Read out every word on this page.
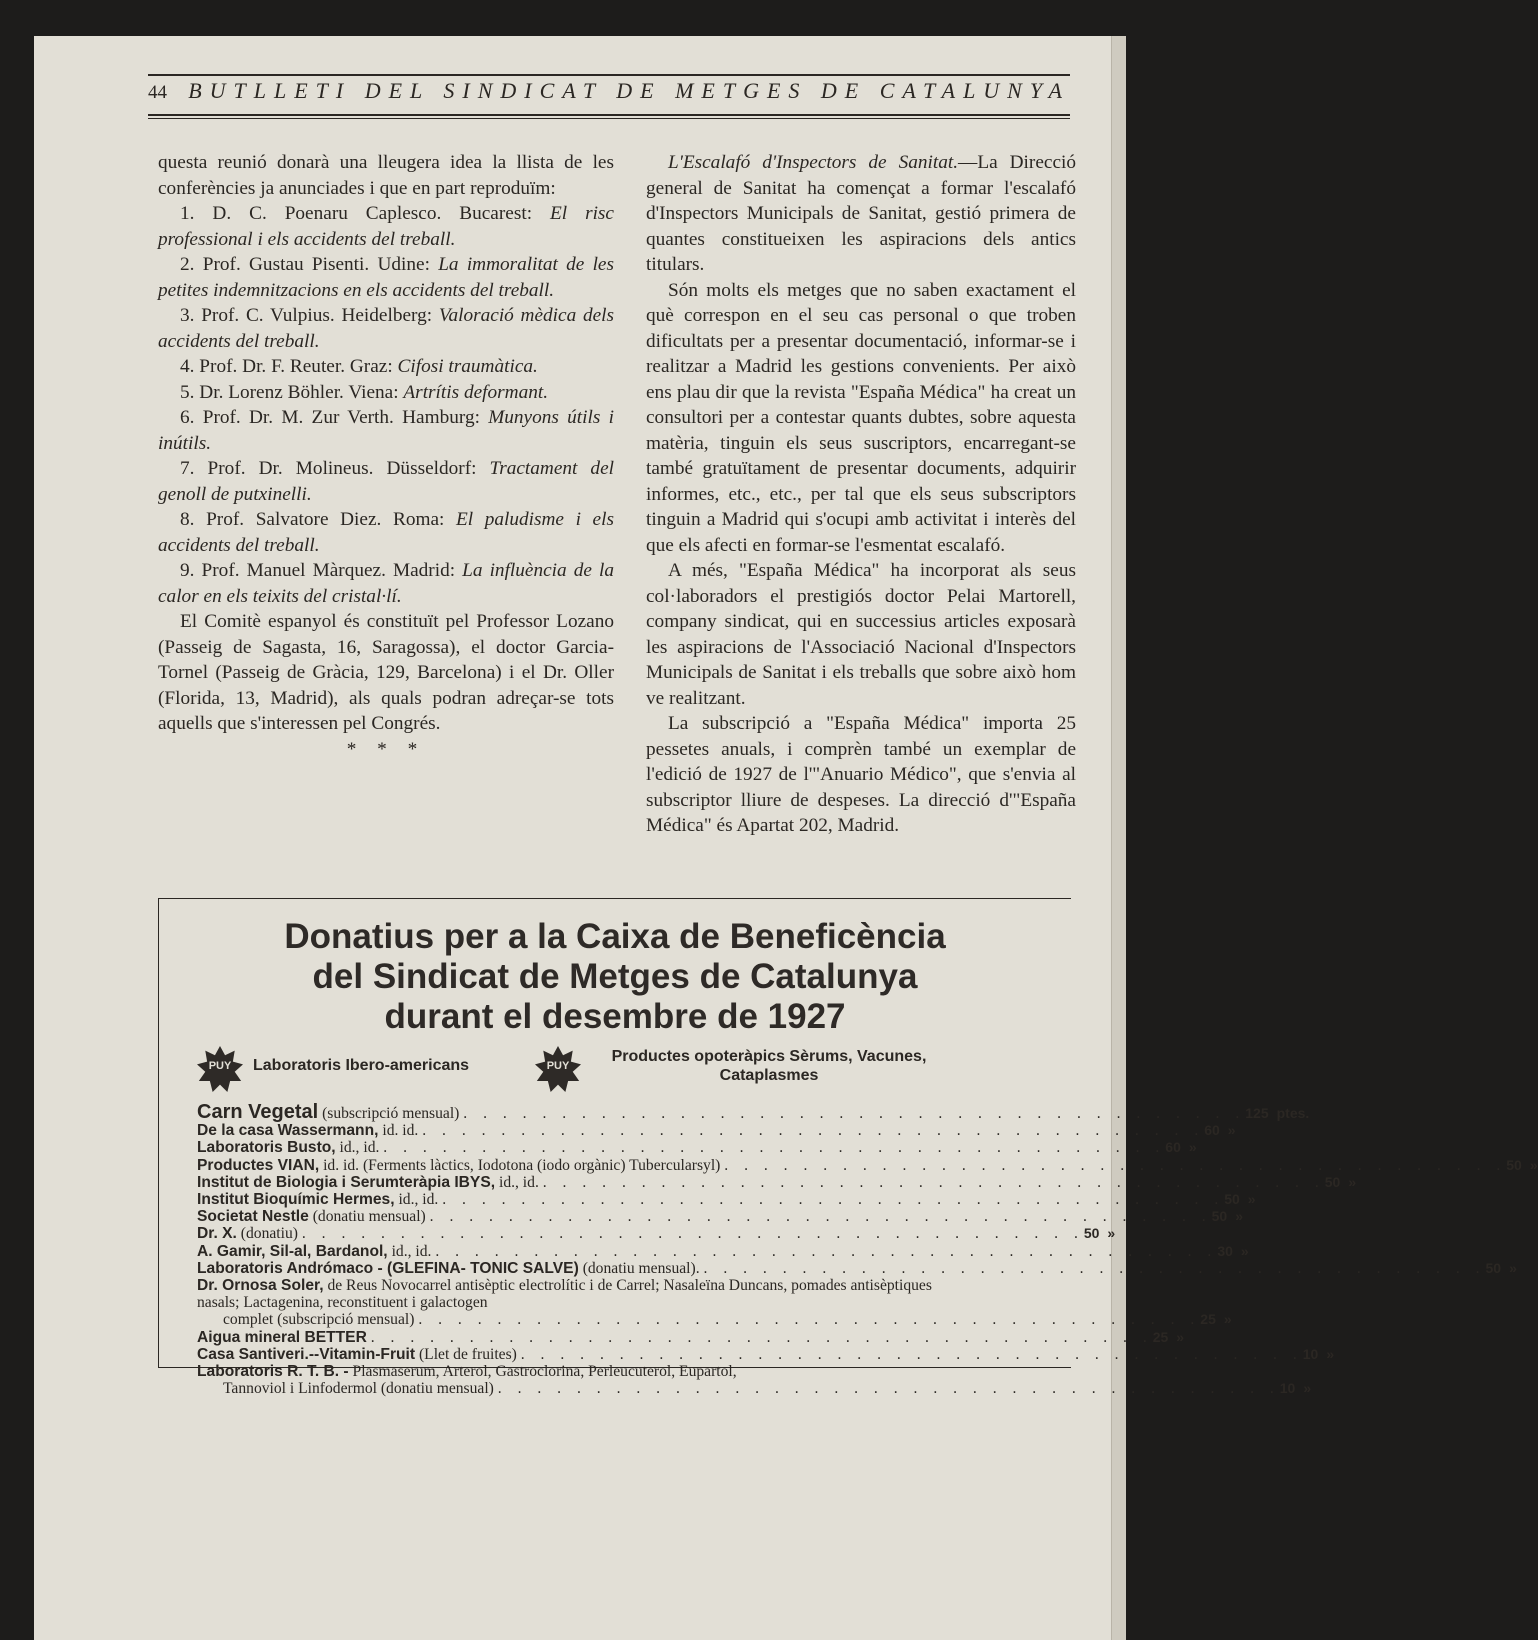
44 BUTLLETI DEL SINDICAT DE METGES DE CATALUNYA

questa reunió donarà una lleugera idea la llista de les conferències ja anunciades i que en part reproduïm:

1. D. C. Poenaru Caplesco. Bucarest: El risc professional i els accidents del treball.

2. Prof. Gustau Pisenti. Udine: La immoralitat de les petites indemnitzacions en els accidents del treball.

3. Prof. C. Vulpius. Heidelberg: Valoració mèdica dels accidents del treball.

4. Prof. Dr. F. Reuter. Graz: Cifosi traumàtica.

5. Dr. Lorenz Böhler. Viena: Artrítis deformant.

6. Prof. Dr. M. Zur Verth. Hamburg: Munyons útils i inútils.

7. Prof. Dr. Molineus. Düsseldorf: Tractament del genoll de putxinelli.

8. Prof. Salvatore Diez. Roma: El paludisme i els accidents del treball.

9. Prof. Manuel Màrquez. Madrid: La influència de la calor en els teixits del cristal·lí.

El Comitè espanyol és constituït pel Professor Lozano (Passeig de Sagasta, 16, Saragossa), el doctor Garcia-Tornel (Passeig de Gràcia, 129, Barcelona) i el Dr. Oller (Florida, 13, Madrid), als quals podran adreçar-se tots aquells que s'interessen pel Congrés.

* * *

L'Escalafó d'Inspectors de Sanitat.—La Direcció general de Sanitat ha començat a formar l'escalafó d'Inspectors Municipals de Sanitat, gestió primera de quantes constitueixen les aspiracions dels antics titulars.

Són molts els metges que no saben exactament el què correspon en el seu cas personal o que troben dificultats per a presentar documentació, informar-se i realitzar a Madrid les gestions convenients. Per això ens plau dir que la revista "España Médica" ha creat un consultori per a contestar quants dubtes, sobre aquesta matèria, tinguin els seus suscriptors, encarregant-se també gratuïtament de presentar documents, adquirir informes, etc., etc., per tal que els seus subscriptors tinguin a Madrid qui s'ocupi amb activitat i interès del que els afecti en formar-se l'esmentat escalafó.

A més, "España Médica" ha incorporat als seus col·laboradors el prestigiós doctor Pelai Martorell, company sindicat, qui en successius articles exposarà les aspiracions de l'Associació Nacional d'Inspectors Municipals de Sanitat i els treballs que sobre això hom ve realitzant.

La subscripció a "España Médica" importa 25 pessetes anuals, i comprèn també un exemplar de l'edició de 1927 de l'"Anuario Médico", que s'envia al subscriptor lliure de despeses. La direcció d'"España Médica" és Apartat 202, Madrid.

Donatius per a la Caixa de Beneficència
del Sindicat de Metges de Catalunya
durant el desembre de 1927
PUY	Laboratoris Ibero-americans	PUY
Productes opoteràpics Sèrums, Vacunes,
Cataplasmes
Carn Vegetal (subscripció mensual) . . . . . . . . . . . . . . . . . . . . . . . . . . . . . . . . . . . . . . . . 125 ptes.
De la casa Wassermann, id. id. . . . . . . . . . . . . . . . . . . . . . . . . . . . . . . . . . . . . . . . . 60 »
Laboratoris Busto, id., id. . . . . . . . . . . . . . . . . . . . . . . . . . . . . . . . . . . . . . . . . 60 »
Productes VIAN, id. id. (Ferments làctics, Iodotona (iodo orgànic) Tubercularsyl) . . . . . . . . . . . . . . . . . . . . . . . . . . . . . . . . . . . . . . . . 50 »
Institut de Biologia i Serumteràpia IBYS, id., id. . . . . . . . . . . . . . . . . . . . . . . . . . . . . . . . . . . . . . . . . 50 »
Institut Bioquímic Hermes, id., id. . . . . . . . . . . . . . . . . . . . . . . . . . . . . . . . . . . . . . . . . 50 »
Societat Nestle (donatiu mensual) . . . . . . . . . . . . . . . . . . . . . . . . . . . . . . . . . . . . . . . . 50 »
Dr. X. (donatiu) . . . . . . . . . . . . . . . . . . . . . . . . . . . . . . . . . . . . . . . . 50 »
A. Gamir, Sil-al, Bardanol, id., id. . . . . . . . . . . . . . . . . . . . . . . . . . . . . . . . . . . . . . . . . 30 »
Laboratoris Andrómaco - (GLEFINA- TONIC SALVE) (donatiu mensual). . . . . . . . . . . . . . . . . . . . . . . . . . . . . . . . . . . . . . . . . 50 »
Dr. Ornosa Soler, de Reus Novocarrel antisèptic electrolític i de Carrel; Nasaleïna Duncans, pomades antisèptiques nasals; Lactagenina, reconstituent i galactogen
complet (subscripció mensual) . . . . . . . . . . . . . . . . . . . . . . . . . . . . . . . . . . . . . . . . 25 »
Aigua mineral BETTER . . . . . . . . . . . . . . . . . . . . . . . . . . . . . . . . . . . . . . . . 25 »
Casa Santiveri.--Vitamin-Fruit (Llet de fruites) . . . . . . . . . . . . . . . . . . . . . . . . . . . . . . . . . . . . . . . . 10 »
Laboratoris R. T. B. - Plasmaserum, Arterol, Gastroclorina, Perleucuterol, Eupartol,
Tannoviol i Linfodermol (donatiu mensual) . . . . . . . . . . . . . . . . . . . . . . . . . . . . . . . . . . . . . . . . 10 »
